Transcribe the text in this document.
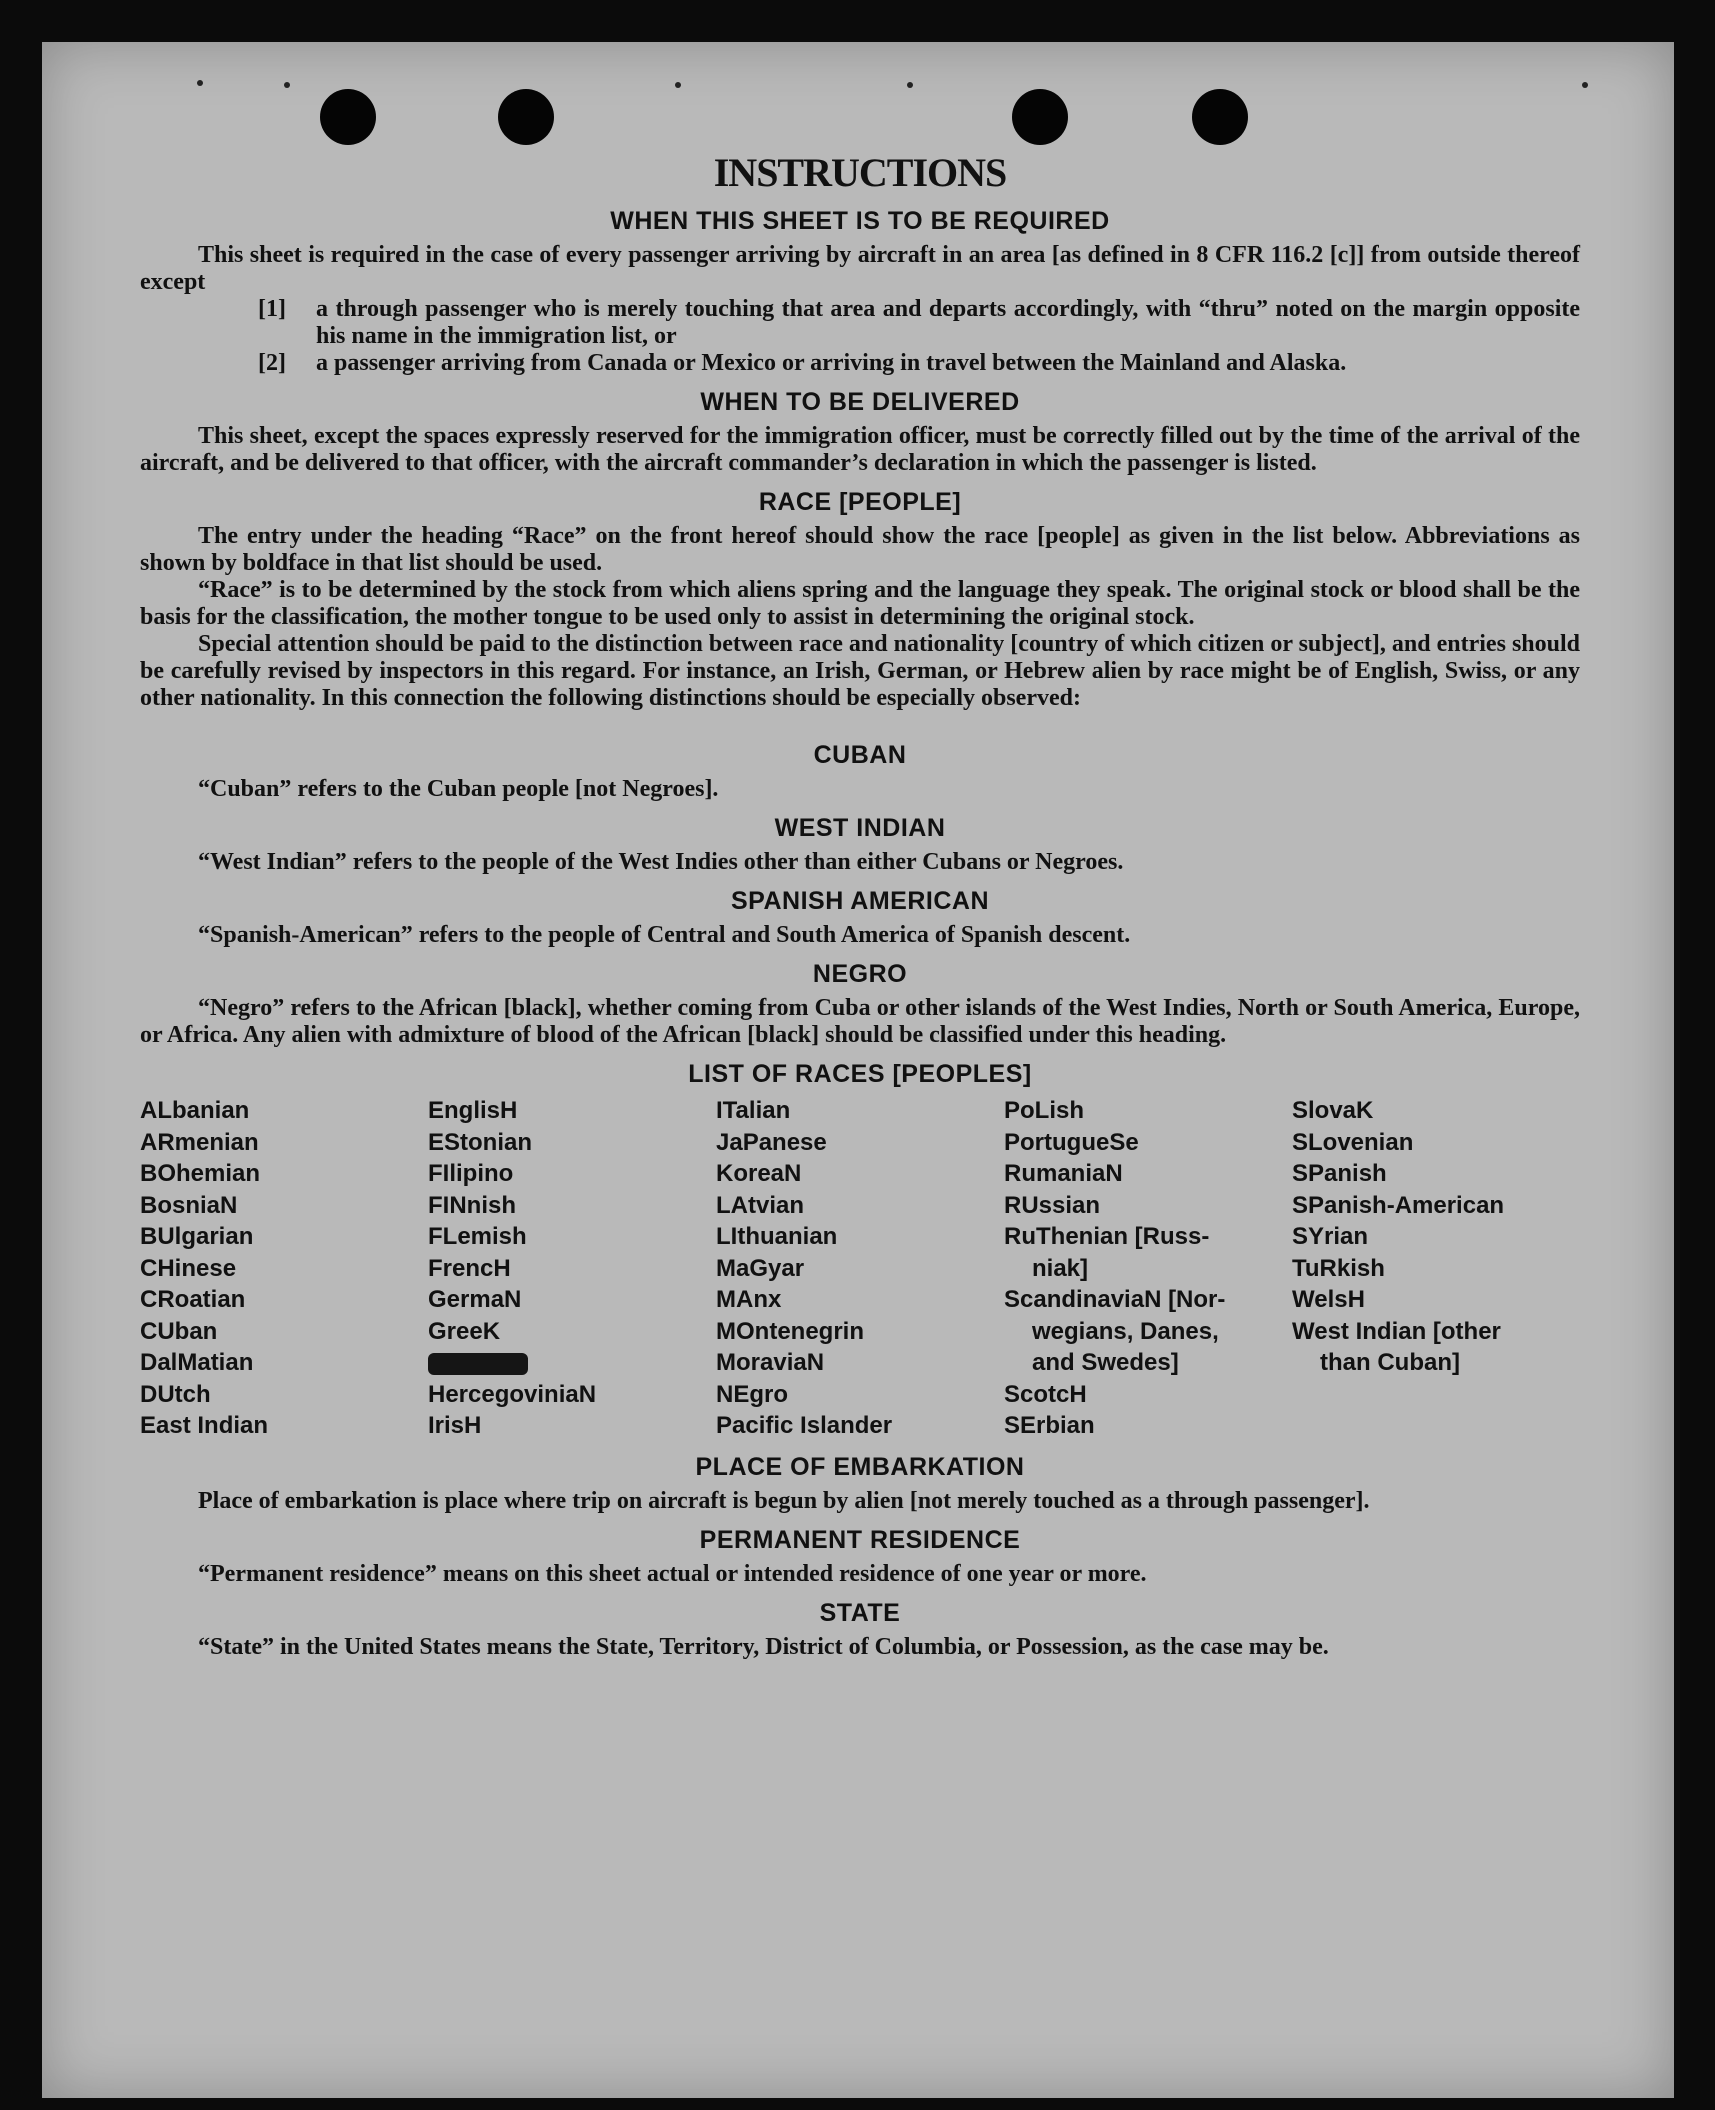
INSTRUCTIONS
WHEN THIS SHEET IS TO BE REQUIRED

This sheet is required in the case of every passenger arriving by aircraft in an area [as defined in 8 CFR 116.2 [c]] from outside thereof except

[1]	a through passenger who is merely touching that area and departs accordingly, with “thru” noted on the margin opposite his name in the immigration list, or
[2]	a passenger arriving from Canada or Mexico or arriving in travel between the Mainland and Alaska.
WHEN TO BE DELIVERED

This sheet, except the spaces expressly reserved for the immigration officer, must be correctly filled out by the time of the arrival of the aircraft, and be delivered to that officer, with the aircraft commander’s declaration in which the passenger is listed.

RACE [PEOPLE]

The entry under the heading “Race” on the front hereof should show the race [people] as given in the list below. Abbreviations as shown by boldface in that list should be used.

“Race” is to be determined by the stock from which aliens spring and the language they speak. The original stock or blood shall be the basis for the classification, the mother tongue to be used only to assist in determining the original stock.

Special attention should be paid to the distinction between race and nationality [country of which citizen or subject], and entries should be carefully revised by inspectors in this regard. For instance, an Irish, German, or Hebrew alien by race might be of English, Swiss, or any other nationality. In this connection the following distinctions should be especially observed:

CUBAN

“Cuban” refers to the Cuban people [not Negroes].

WEST INDIAN

“West Indian” refers to the people of the West Indies other than either Cubans or Negroes.

SPANISH AMERICAN

“Spanish-American” refers to the people of Central and South America of Spanish descent.

NEGRO

“Negro” refers to the African [black], whether coming from Cuba or other islands of the West Indies, North or South America, Europe, or Africa. Any alien with admixture of blood of the African [black] should be classified under this heading.

LIST OF RACES [PEOPLES]
ALbanian
ARmenian
BOhemian
BosniaN
BUlgarian
CHinese
CRoatian
CUban
DalMatian
DUtch
East Indian
EnglisH
EStonian
FIlipino
FINnish
FLemish
FrencH
GermaN
GreeK
HercegoviniaN
IrisH
ITalian
JaPanese
KoreaN
LAtvian
LIthuanian
MaGyar
MAnx
MOntenegrin
MoraviaN
NEgro
Pacific Islander
PoLish
PortugueSe
RumaniaN
RUssian
RuThenian [Russ-
niak]
ScandinaviaN [Nor-
wegians, Danes,
and Swedes]
ScotcH
SErbian
SlovaK
SLovenian
SPanish
SPanish-American
SYrian
TuRkish
WelsH
West Indian [other
than Cuban]
PLACE OF EMBARKATION

Place of embarkation is place where trip on aircraft is begun by alien [not merely touched as a through passenger].

PERMANENT RESIDENCE

“Permanent residence” means on this sheet actual or intended residence of one year or more.

STATE

“State” in the United States means the State, Territory, District of Columbia, or Possession, as the case may be.
